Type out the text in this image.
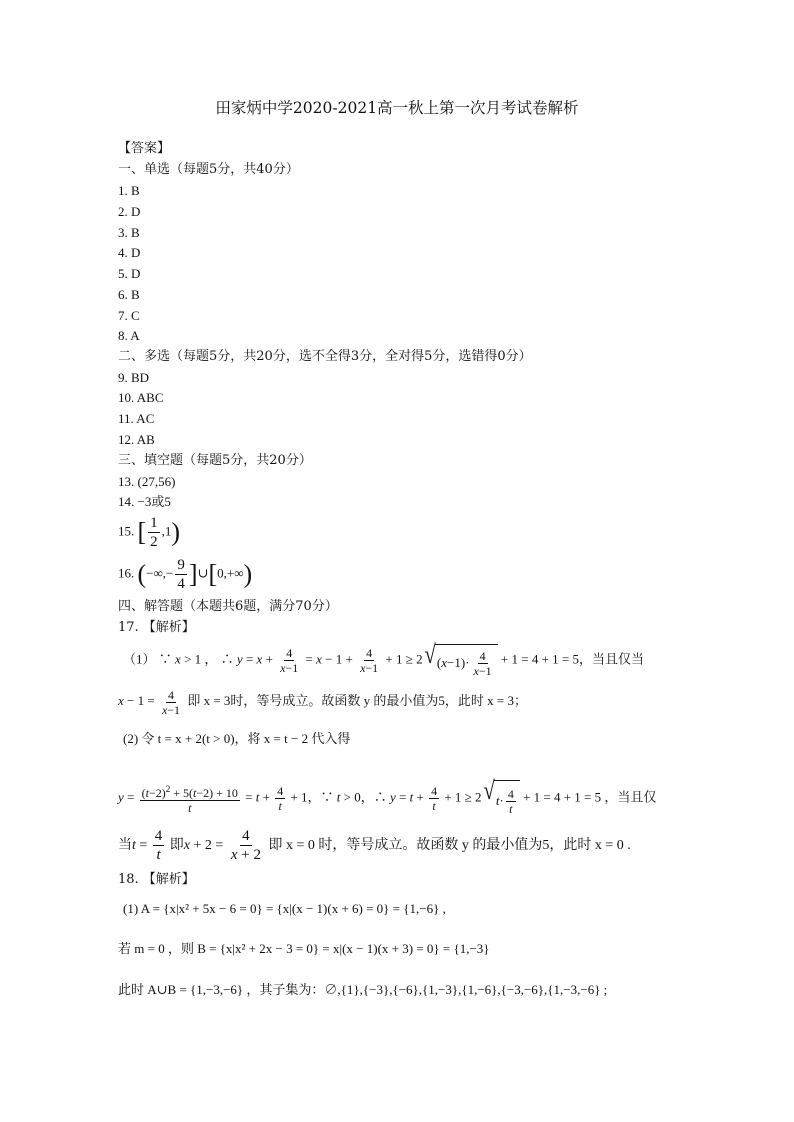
田家炳中学2020-2021高一秋上第一次月考试卷解析
【答案】
一、单选（每题5分，共40分）
1. B
2. D
3. B
4. D
5. D
6. B
7. C
8. A
二、多选（每题5分，共20分，选不全得3分，全对得5分，选错得0分）
9. BD
10. ABC
11. AC
12. AB
三、填空题（每题5分，共20分）
13. (27,56)
14. −3或5
15. [ $\frac{1}{2} ,1$)
16. (−∞,− $\frac{9}{4}$ ]∪[0,+∞)
四、解答题（本题共6题，满分70分）
17. 【解析】
（1） ∵ x > 1 ， ∴ $y = x + \frac{4}{x-1} = x - 1 + \frac{4}{x-1} + 1 \ge 2$ √ ( $x -1)\cdot \frac{4}{x-1} + 1 = 4 + 1 = 5$，当且仅当
$x - 1 = \frac{4}{x-1}$ 即 x = 3时，等号成立。故函数 y 的最小值为5，此时 x = 3；
(2) 令 t = x + 2(t > 0)，将 x = t − 2 代入得
$y = \frac{(t-2)^2 + 5(t-2) + 10}{t} = t + \frac{4}{t} + 1$，∵ t > 0，∴ $y = t + \frac{4}{t} + 1 \ge 2$ √ $t \cdot \frac{4}{t} + 1 = 4 + 1 = 5$ ，当且仅
当$t = \frac{4}{t}$ 即$x + 2 = \frac{4}{x + 2}$ 即 x = 0 时，等号成立。故函数 y 的最小值为5，此时 x = 0 .
18. 【解析】
(1) A = {x|x² + 5x − 6 = 0} = {x|(x − 1)(x + 6) = 0} = {1,−6} ,
若 m = 0 ，则 B = {x|x² + 2x − 3 = 0} = x|(x − 1)(x + 3) = 0} = {1,−3}
此时 A∪B = {1,−3,−6} ，其子集为：∅,{1},{−3},{−6},{1,−3},{1,−6},{−3,−6},{1,−3,−6} ;
